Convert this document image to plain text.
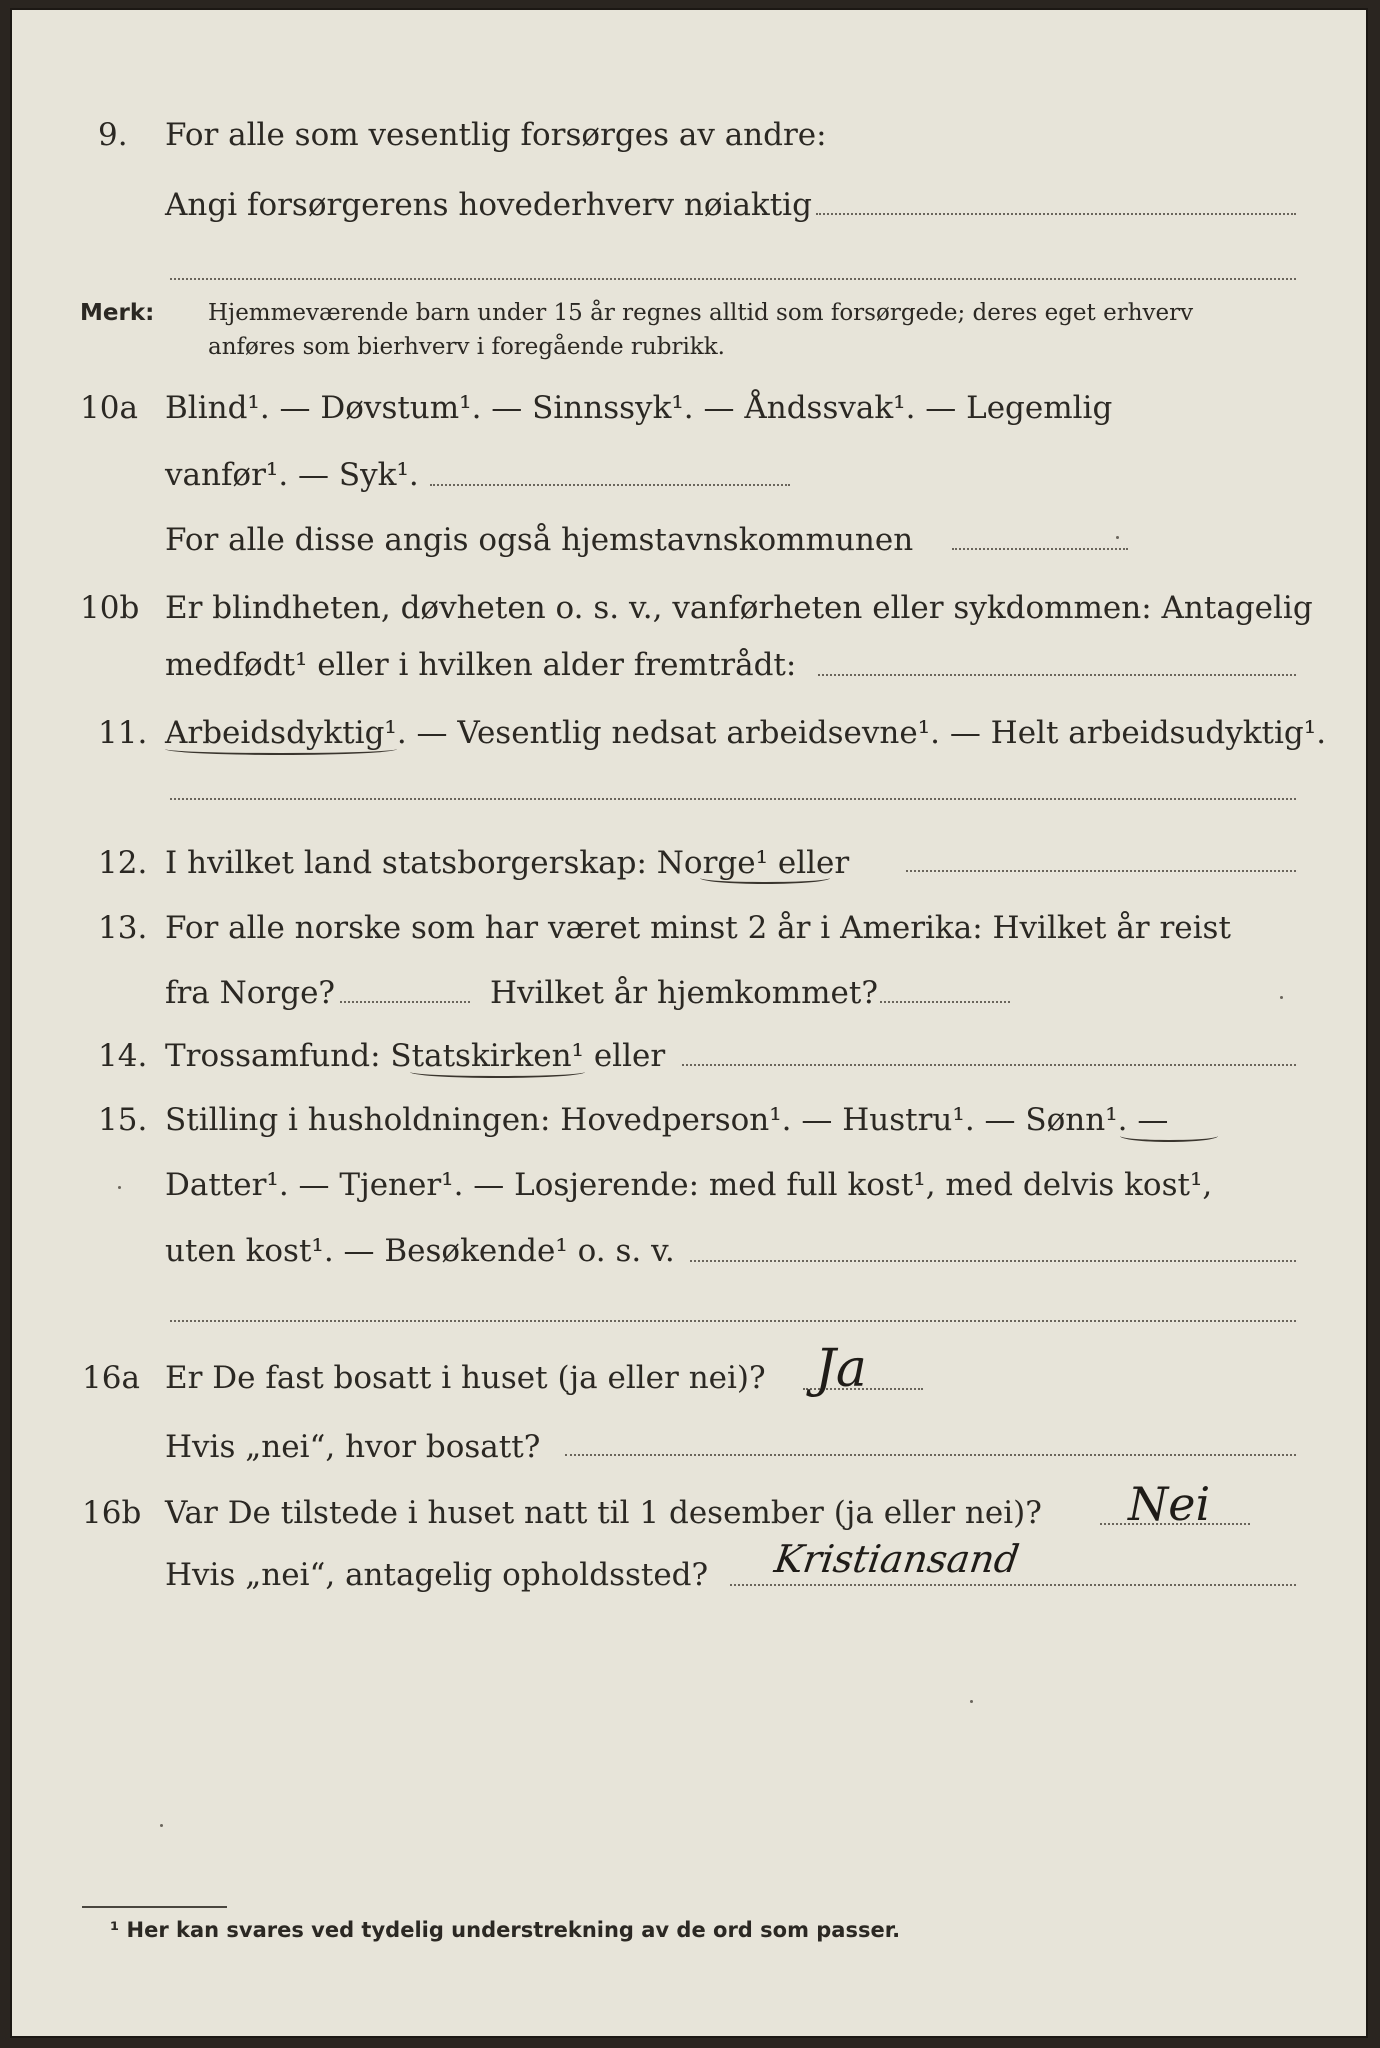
9. For alle som vesentlig forsørges av andre:
Angi forsørgerens hovederhverv nøiaktig
Merk: Hjemmeværende barn under 15 år regnes alltid som forsørgede; deres eget erhverv
anføres som bierhverv i foregående rubrikk.
10a Blind¹. — Døvstum¹. — Sinnssyk¹. — Åndssvak¹. — Legemlig
vanfør¹. — Syk¹.
For alle disse angis også hjemstavnskommunen
10b Er blindheten, døvheten o. s. v., vanførheten eller sykdommen: Antagelig
medfødt¹ eller i hvilken alder fremtrådt:
11. Arbeidsdyktig¹. — Vesentlig nedsat arbeidsevne¹. — Helt arbeidsudyktig¹.
12. I hvilket land statsborgerskap: Norge¹ eller
13. For alle norske som har været minst 2 år i Amerika: Hvilket år reist
fra Norge?	Hvilket år hjemkommet?
14. Trossamfund: Statskirken¹ eller
15. Stilling i husholdningen: Hovedperson¹. — Hustru¹. — Sønn¹. —
Datter¹. — Tjener¹. — Losjerende: med full kost¹, med delvis kost¹,
uten kost¹. — Besøkende¹ o. s. v.
16a Er De fast bosatt i huset (ja eller nei)? Ja
Hvis „nei“, hvor bosatt?
16b Var De tilstede i huset natt til 1 desember (ja eller nei)? Nei
Hvis „nei“, antagelig opholdssted? Kristiansand
¹ Her kan svares ved tydelig understrekning av de ord som passer.
